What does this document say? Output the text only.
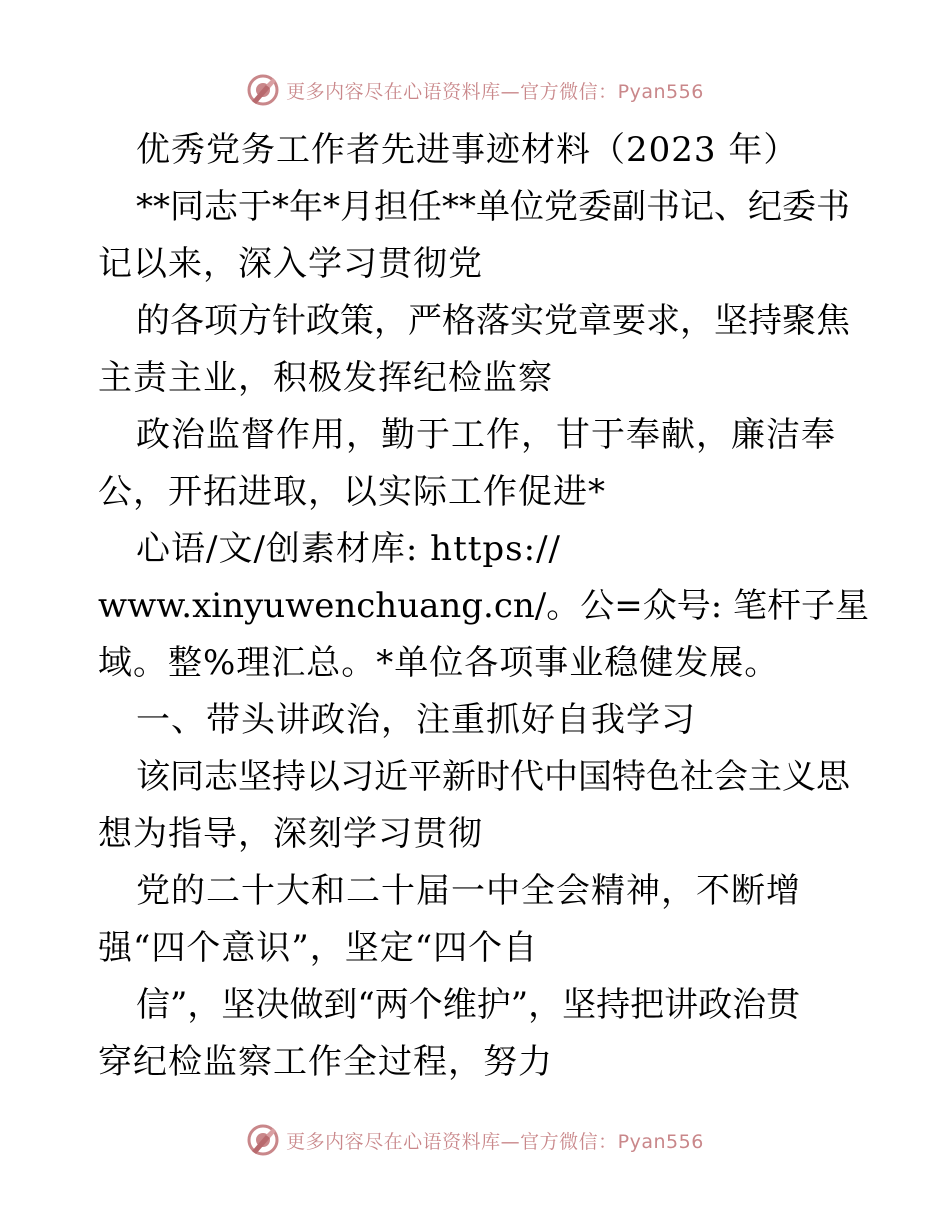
更多内容尽在心语资料库—官方微信：Pyan556
优秀党务工作者先进事迹材料（2023 年）
**同志于*年*月担任**单位党委副书记、纪委书
记以来，深入学习贯彻党
的各项方针政策，严格落实党章要求，坚持聚焦
主责主业，积极发挥纪检监察
政治监督作用，勤于工作，甘于奉献，廉洁奉
公，开拓进取，以实际工作促进*
心语/文/创素材库: https://
www.xinyuwenchuang.cn/。公=众号: 笔杆子星
域。整%理汇总。*单位各项事业稳健发展。
一、带头讲政治，注重抓好自我学习
该同志坚持以习近平新时代中国特色社会主义思
想为指导，深刻学习贯彻
党的二十大和二十届一中全会精神，不断增
强“四个意识”，坚定“四个自
信”，坚决做到“两个维护”，坚持把讲政治贯
穿纪检监察工作全过程，努力
更多内容尽在心语资料库—官方微信：Pyan556
